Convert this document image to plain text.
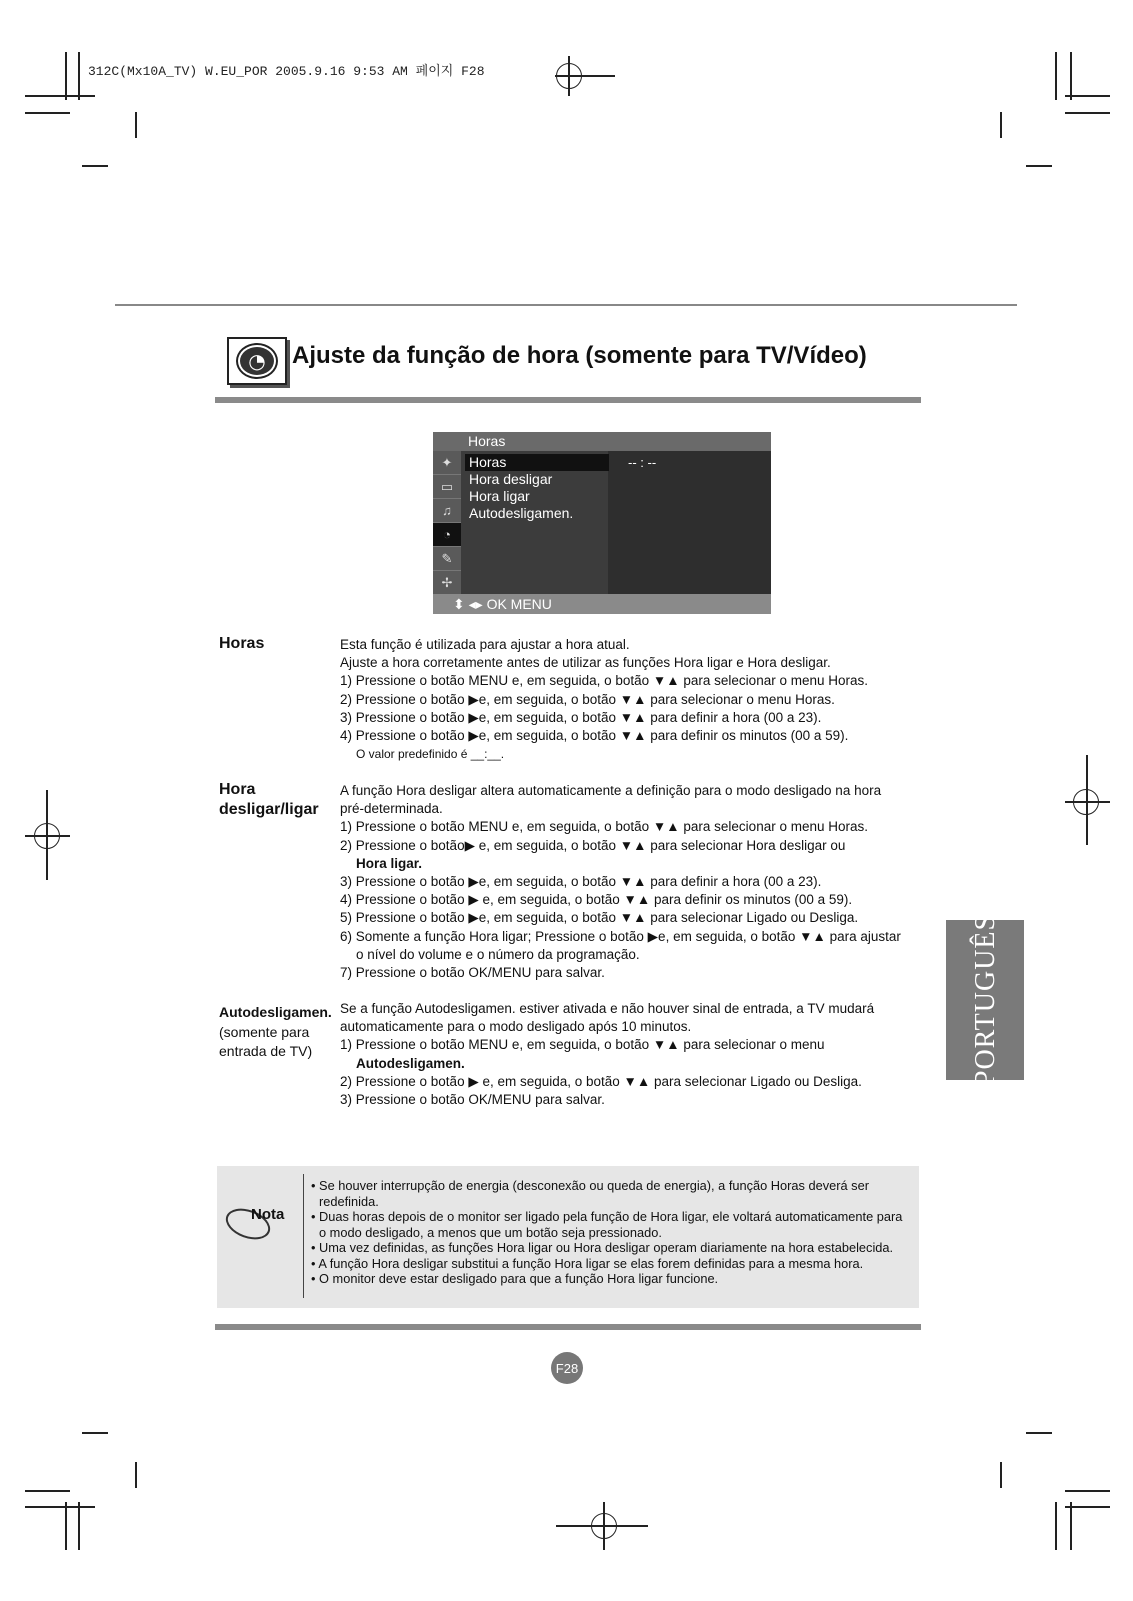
312C(Mx10A_TV) W.EU_POR 2005.9.16 9:53 AM 페이지 F28
◔	Ajuste da função de hora (somente para TV/Vídeo)
Horas
✦
▭
♫
◔
✎
✢
Horas
Hora desligar
Hora ligar
Autodesligamen.
-- : --
⬍ ◂▸ OK MENU
Horas	Esta função é utilizada para ajustar a hora atual.

Ajuste a hora corretamente antes de utilizar as funções Hora ligar e Hora desligar.

1) Pressione o botão MENU e, em seguida, o botão ▼▲ para selecionar o menu Horas.

2) Pressione o botão ▶e, em seguida, o botão ▼▲ para selecionar o menu Horas.

3) Pressione o botão ▶e, em seguida, o botão ▼▲ para definir a hora (00 a 23).

4) Pressione o botão ▶e, em seguida, o botão ▼▲ para definir os minutos (00 a 59).

O valor predefinido é __:__.

Hora
desligar/ligar

A função Hora desligar altera automaticamente a definição para o modo desligado na hora

pré-determinada.

1) Pressione o botão MENU e, em seguida, o botão ▼▲ para selecionar o menu Horas.

2) Pressione o botão▶ e, em seguida, o botão ▼▲ para selecionar Hora desligar ou

Hora ligar.

3) Pressione o botão ▶e, em seguida, o botão ▼▲ para definir a hora (00 a 23).

4) Pressione o botão ▶ e, em seguida, o botão ▼▲ para definir os minutos (00 a 59).

5) Pressione o botão ▶e, em seguida, o botão ▼▲ para selecionar Ligado ou Desliga.

6) Somente a função Hora ligar; Pressione o botão ▶e, em seguida, o botão ▼▲ para ajustar

o nível do volume e o número da programação.

7) Pressione o botão OK/MENU para salvar.

Autodesligamen.
(somente para
entrada de TV)

Se a função Autodesligamen. estiver ativada e não houver sinal de entrada, a TV mudará

automaticamente para o modo desligado após 10 minutos.

1) Pressione o botão MENU e, em seguida, o botão ▼▲ para selecionar o menu

Autodesligamen.

2) Pressione o botão ▶ e, em seguida, o botão ▼▲ para selecionar Ligado ou Desliga.

3) Pressione o botão OK/MENU para salvar.

PORTUGUÊS
Nota

• Se houver interrupção de energia (desconexão ou queda de energia), a função Horas deverá ser

redefinida.

• Duas horas depois de o monitor ser ligado pela função de Hora ligar, ele voltará automaticamente para

o modo desligado, a menos que um botão seja pressionado.

• Uma vez definidas, as funções Hora ligar ou Hora desligar operam diariamente na hora estabelecida.

• A função Hora desligar substitui a função Hora ligar se elas forem definidas para a mesma hora.

• O monitor deve estar desligado para que a função Hora ligar funcione.

F28
